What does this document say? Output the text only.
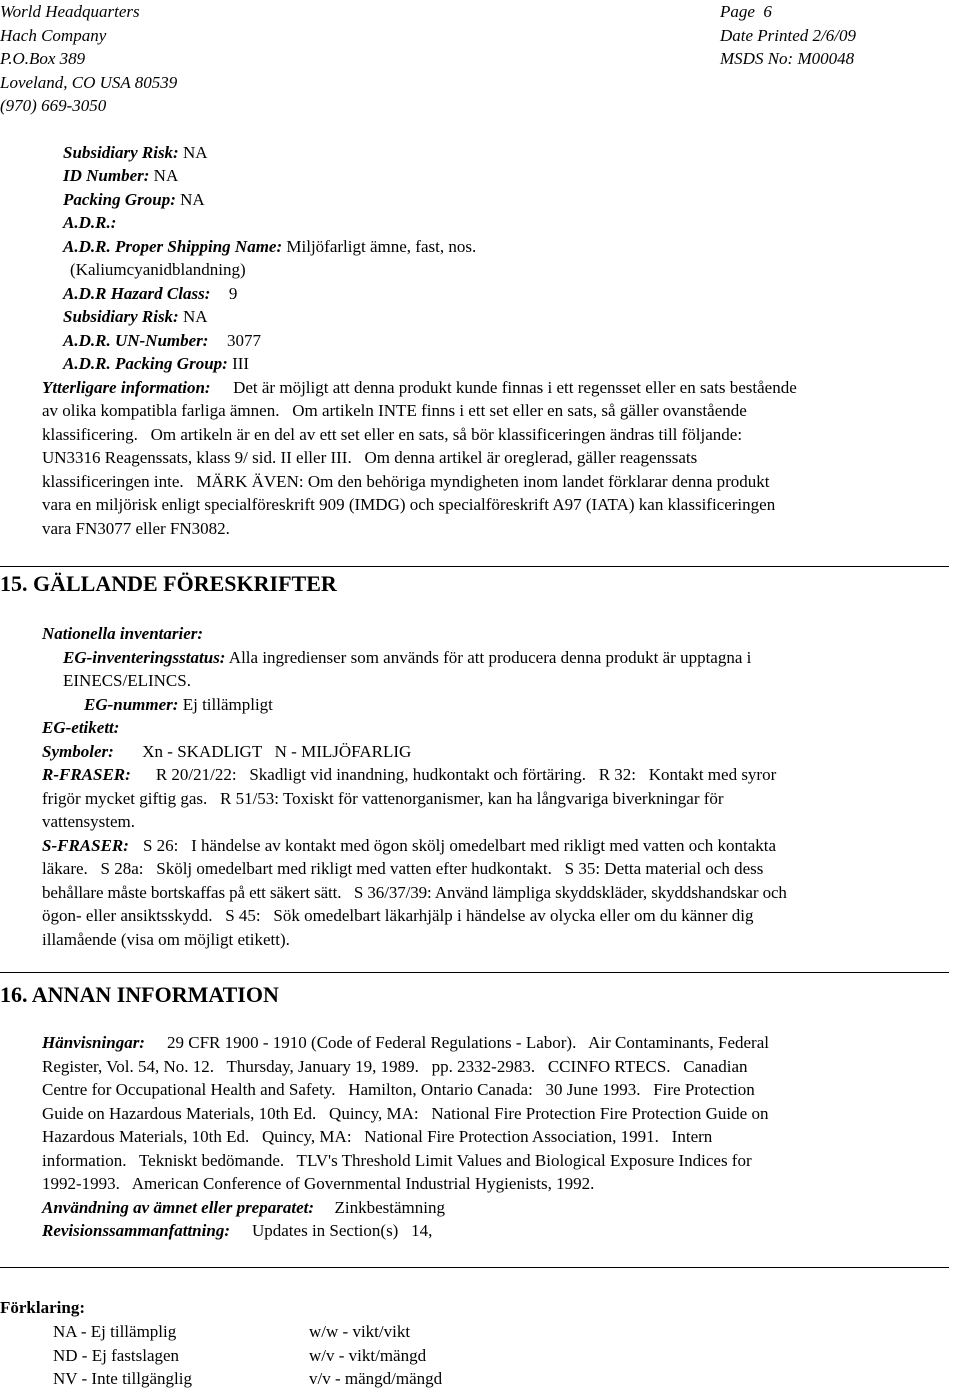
World Headquarters
Hach Company
P.O.Box 389
Loveland, CO USA 80539
(970) 669-3050
Page  6
Date Printed 2/6/09
MSDS No: M00048
Subsidiary Risk: NA
ID Number: NA
Packing Group: NA
A.D.R.:
A.D.R. Proper Shipping Name: Miljöfarligt ämne, fast, nos.
(Kaliumcyanidblandning)
A.D.R Hazard Class: 9
Subsidiary Risk: NA
A.D.R. UN-Number: 3077
A.D.R. Packing Group: III
Ytterligare information: Det är möjligt att denna produkt kunde finnas i ett regensset eller en sats bestående
av olika kompatibla farliga ämnen.   Om artikeln INTE finns i ett set eller en sats, så gäller ovanstående
klassificering.   Om artikeln är en del av ett set eller en sats, så bör klassificeringen ändras till följande:
UN3316 Reagenssats, klass 9/ sid. II eller III.   Om denna artikel är oreglerad, gäller reagenssats
klassificeringen inte.   MÄRK ÄVEN: Om den behöriga myndigheten inom landet förklarar denna produkt
vara en miljörisk enligt specialföreskrift 909 (IMDG) och specialföreskrift A97 (IATA) kan klassificeringen
vara FN3077 eller FN3082.
15. GÄLLANDE FÖRESKRIFTER
Nationella inventarier:
EG-inventeringsstatus: Alla ingredienser som används för att producera denna produkt är upptagna i
EINECS/ELINCS.
EG-nummer: Ej tillämpligt
EG-etikett:
Symboler: Xn - SKADLIGT   N - MILJÖFARLIG
R-FRASER: R 20/21/22:   Skadligt vid inandning, hudkontakt och förtäring.   R 32:   Kontakt med syror
frigör mycket giftig gas.   R 51/53: Toxiskt för vattenorganismer, kan ha långvariga biverkningar för
vattensystem.
S-FRASER: S 26:   I händelse av kontakt med ögon skölj omedelbart med rikligt med vatten och kontakta
läkare.   S 28a:   Skölj omedelbart med rikligt med vatten efter hudkontakt.   S 35: Detta material och dess
behållare måste bortskaffas på ett säkert sätt.   S 36/37/39: Använd lämpliga skyddskläder, skyddshandskar och
ögon- eller ansiktsskydd.   S 45:   Sök omedelbart läkarhjälp i händelse av olycka eller om du känner dig
illamående (visa om möjligt etikett).
16. ANNAN INFORMATION
Hänvisningar: 29 CFR 1900 - 1910 (Code of Federal Regulations - Labor).   Air Contaminants, Federal
Register, Vol. 54, No. 12.   Thursday, January 19, 1989.   pp. 2332-2983.   CCINFO RTECS.   Canadian
Centre for Occupational Health and Safety.   Hamilton, Ontario Canada:   30 June 1993.   Fire Protection
Guide on Hazardous Materials, 10th Ed.   Quincy, MA:   National Fire Protection Fire Protection Guide on
Hazardous Materials, 10th Ed.   Quincy, MA:   National Fire Protection Association, 1991.   Intern
information.   Tekniskt bedömande.   TLV's Threshold Limit Values and Biological Exposure Indices for
1992-1993.   American Conference of Governmental Industrial Hygienists, 1992.
Användning av ämnet eller preparatet: Zinkbestämning
Revisionssammanfattning: Updates in Section(s)   14,
Förklaring:
NA - Ej tillämplig
ND - Ej fastslagen
NV - Inte tillgänglig
w/w - vikt/vikt
w/v - vikt/mängd
v/v - mängd/mängd
